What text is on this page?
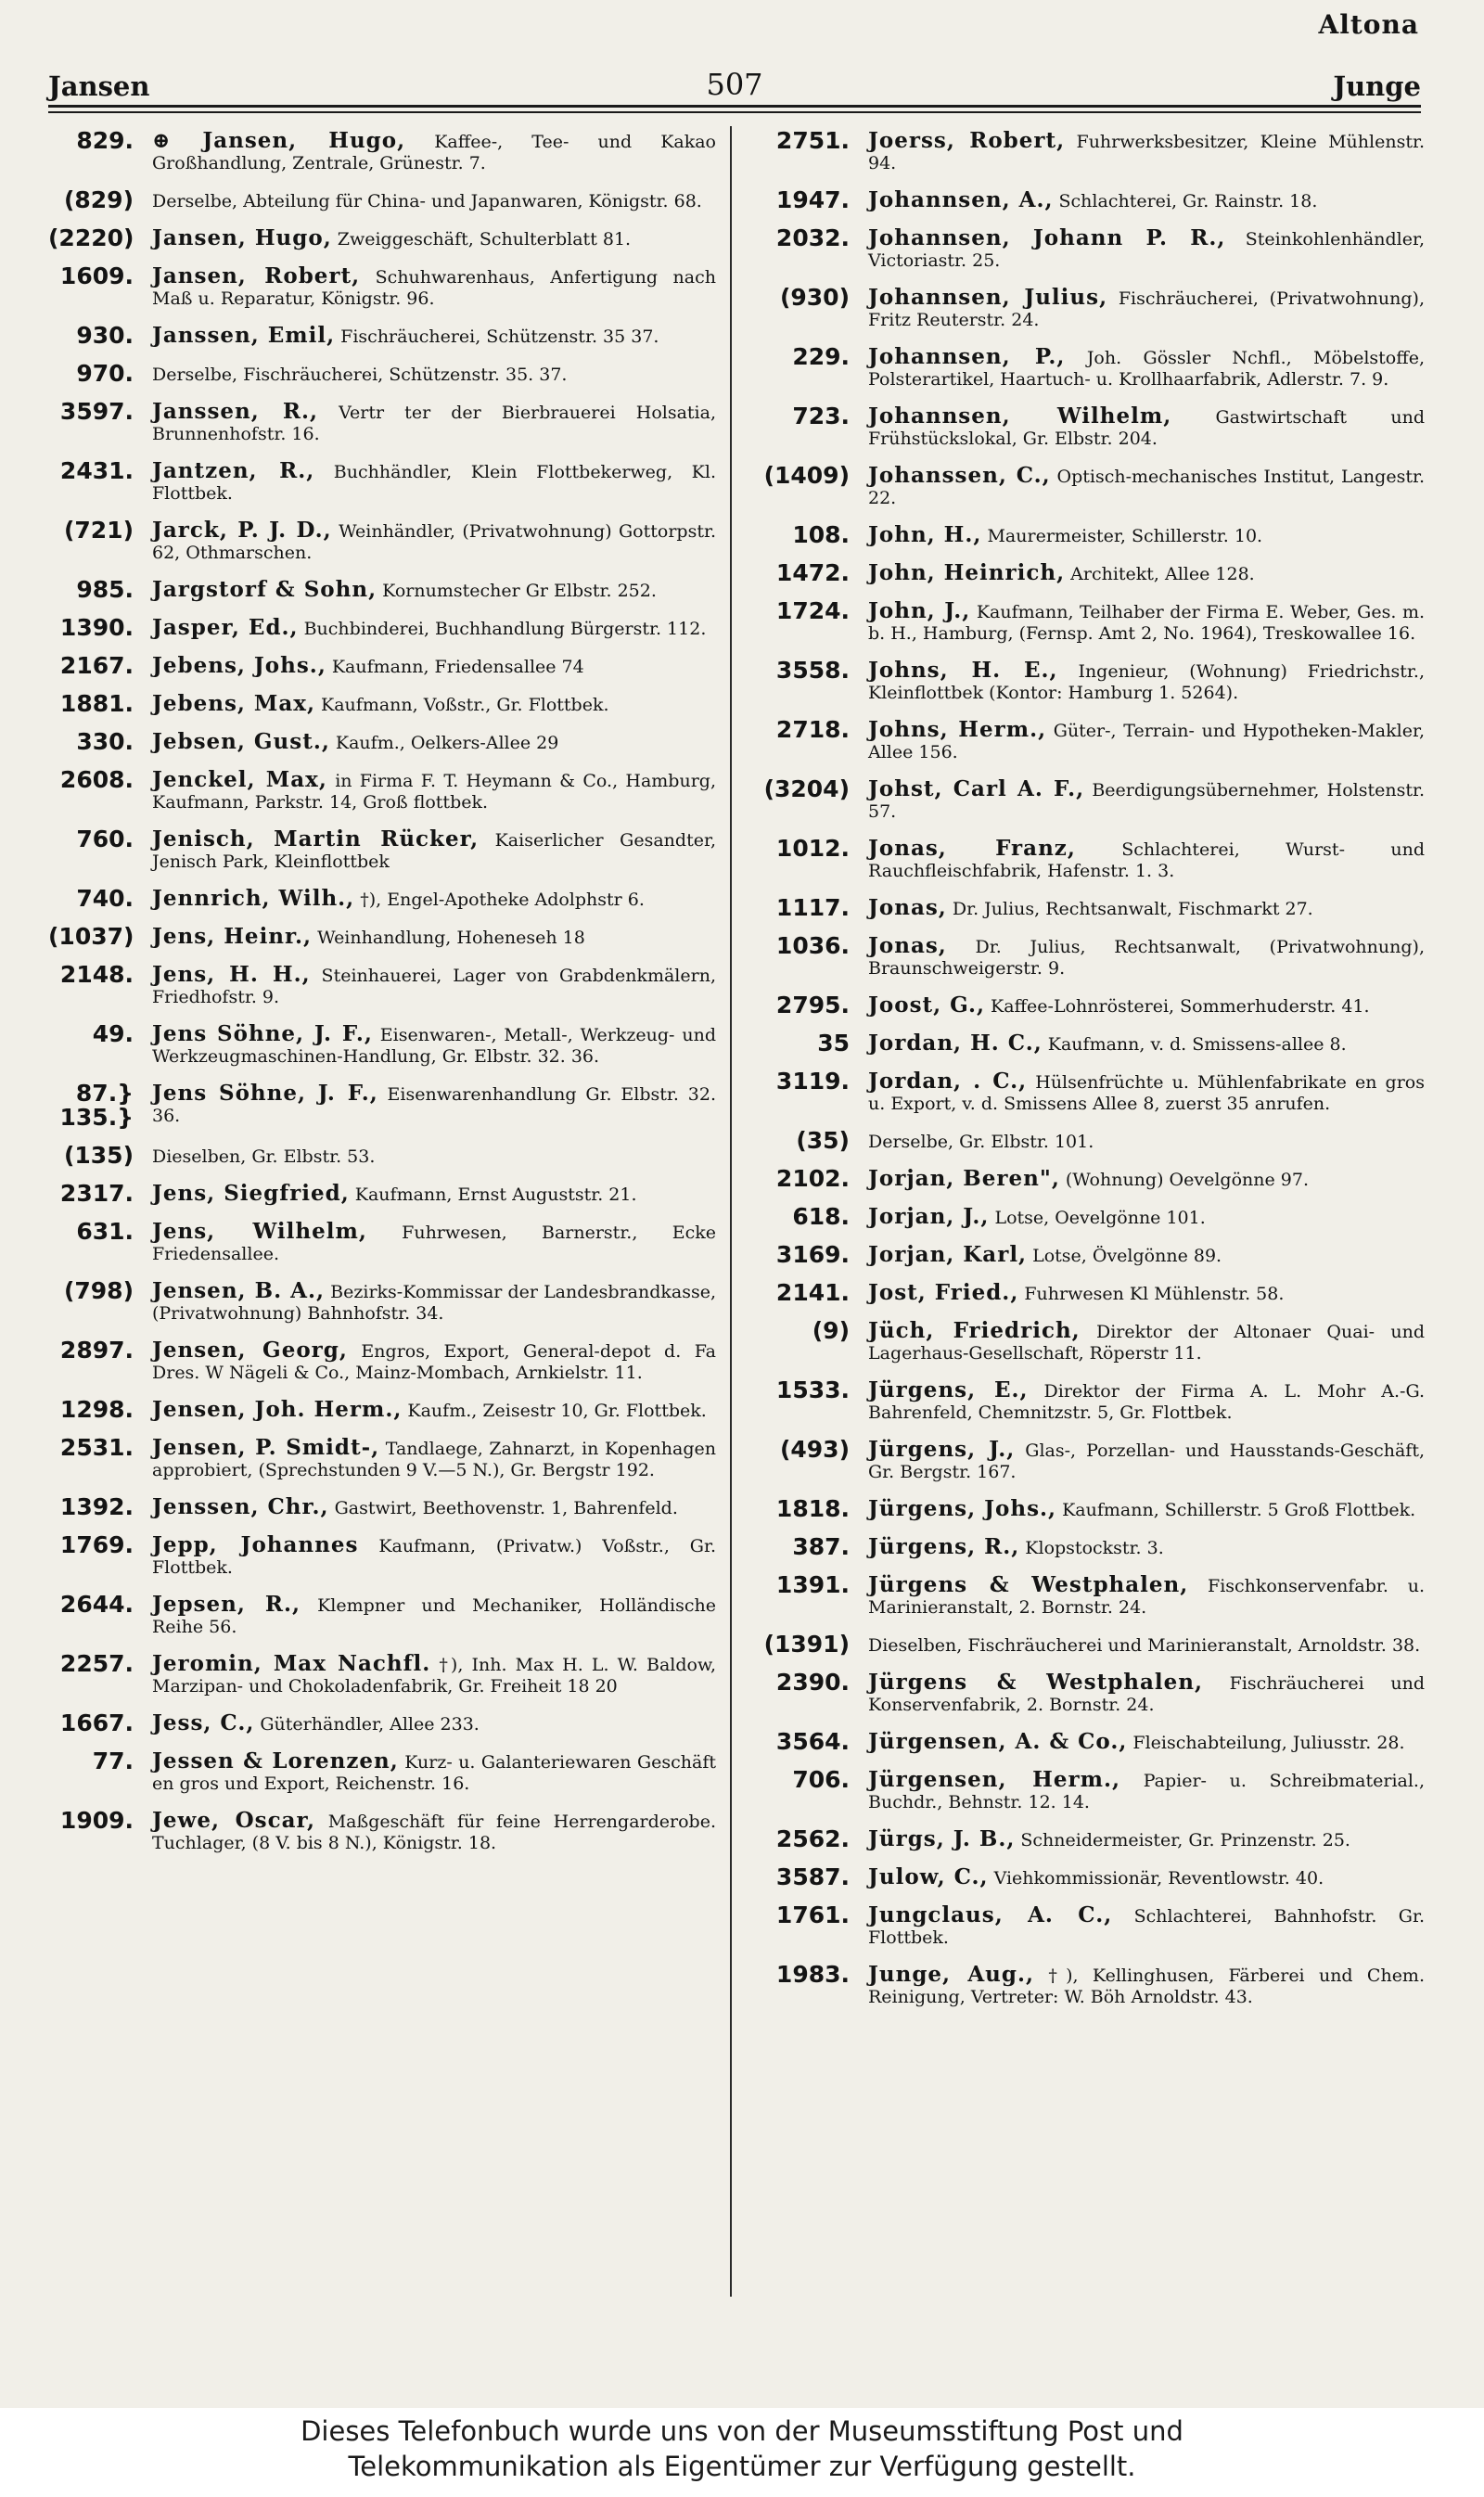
Altona
Jansen	507	Junge
829. ⊕ Jansen, Hugo, Kaffee-, Tee- und Kakao Großhandlung, Zentrale, Grünestr. 7.
(829) Derselbe, Abteilung für China- und Japanwaren, Königstr. 68.
(2220) Jansen, Hugo, Zweiggeschäft, Schulterblatt 81.
1609. Jansen, Robert, Schuhwarenhaus, Anfertigung nach Maß u. Reparatur, Königstr. 96.
930. Janssen, Emil, Fischräucherei, Schützenstr. 35 37.
970. Derselbe, Fischräucherei, Schützenstr. 35. 37.
3597. Janssen, R., Vertr ter der Bierbrauerei Holsatia, Brunnenhofstr. 16.
2431. Jantzen, R., Buchhändler, Klein Flottbekerweg, Kl. Flottbek.
(721) Jarck, P. J. D., Weinhändler, (Privatwohnung) Gottorpstr. 62, Othmarschen.
985. Jargstorf & Sohn, Kornumstecher Gr Elbstr. 252.
1390. Jasper, Ed., Buchbinderei, Buchhandlung Bürgerstr. 112.
2167. Jebens, Johs., Kaufmann, Friedensallee 74
1881. Jebens, Max, Kaufmann, Voßstr., Gr. Flottbek.
330. Jebsen, Gust., Kaufm., Oelkers-Allee 29
2608. Jenckel, Max, in Firma F. T. Heymann & Co., Hamburg, Kaufmann, Parkstr. 14, Groß flottbek.
760. Jenisch, Martin Rücker, Kaiserlicher Gesandter, Jenisch Park, Kleinflottbek
740. Jennrich, Wilh., †), Engel-Apotheke Adolphstr 6.
(1037) Jens, Heinr., Weinhandlung, Hoheneseh 18
2148. Jens, H. H., Steinhauerei, Lager von Grabdenkmälern, Friedhofstr. 9.
49. Jens Söhne, J. F., Eisenwaren-, Metall-, Werkzeug- und Werkzeugmaschinen-Handlung, Gr. Elbstr. 32. 36.
87.} 135.}
Jens Söhne, J. F., Eisenwarenhandlung Gr. Elbstr. 32. 36.
(135) Dieselben, Gr. Elbstr. 53.
2317. Jens, Siegfried, Kaufmann, Ernst Auguststr. 21.
631. Jens, Wilhelm, Fuhrwesen, Barnerstr., Ecke Friedensallee.
(798) Jensen, B. A., Bezirks-Kommissar der Landesbrandkasse, (Privatwohnung) Bahnhofstr. 34.
2897. Jensen, Georg, Engros, Export, General-depot d. Fa Dres. W Nägeli & Co., Mainz-Mombach, Arnkielstr. 11.
1298. Jensen, Joh. Herm., Kaufm., Zeisestr 10, Gr. Flottbek.
2531. Jensen, P. Smidt-, Tandlaege, Zahnarzt, in Kopenhagen approbiert, (Sprechstunden 9 V.—5 N.), Gr. Bergstr 192.
1392. Jenssen, Chr., Gastwirt, Beethovenstr. 1, Bahrenfeld.
1769. Jepp, Johannes Kaufmann, (Privatw.) Voßstr., Gr. Flottbek.
2644. Jepsen, R., Klempner und Mechaniker, Holländische Reihe 56.
2257. Jeromin, Max Nachfl. †), Inh. Max H. L. W. Baldow, Marzipan- und Chokoladenfabrik, Gr. Freiheit 18 20
1667. Jess, C., Güterhändler, Allee 233.
77. Jessen & Lorenzen, Kurz- u. Galanteriewaren Geschäft en gros und Export, Reichenstr. 16.
1909. Jewe, Oscar, Maßgeschäft für feine Herrengarderobe. Tuchlager, (8 V. bis 8 N.), Königstr. 18.
2751. Joerss, Robert, Fuhrwerksbesitzer, Kleine Mühlenstr. 94.
1947. Johannsen, A., Schlachterei, Gr. Rainstr. 18.
2032. Johannsen, Johann P. R., Steinkohlenhändler, Victoriastr. 25.
(930) Johannsen, Julius, Fischräucherei, (Privatwohnung), Fritz Reuterstr. 24.
229. Johannsen, P., Joh. Gössler Nchfl., Möbelstoffe, Polsterartikel, Haartuch- u. Krollhaarfabrik, Adlerstr. 7. 9.
723. Johannsen, Wilhelm, Gastwirtschaft und Frühstückslokal, Gr. Elbstr. 204.
(1409) Johanssen, C., Optisch-mechanisches Institut, Langestr. 22.
108. John, H., Maurermeister, Schillerstr. 10.
1472. John, Heinrich, Architekt, Allee 128.
1724. John, J., Kaufmann, Teilhaber der Firma E. Weber, Ges. m. b. H., Hamburg, (Fernsp. Amt 2, No. 1964), Treskowallee 16.
3558. Johns, H. E., Ingenieur, (Wohnung) Friedrichstr., Kleinflottbek (Kontor: Hamburg 1. 5264).
2718. Johns, Herm., Güter-, Terrain- und Hypotheken-Makler, Allee 156.
(3204) Johst, Carl A. F., Beerdigungsübernehmer, Holstenstr. 57.
1012. Jonas, Franz, Schlachterei, Wurst- und Rauchfleischfabrik, Hafenstr. 1. 3.
1117. Jonas, Dr. Julius, Rechtsanwalt, Fischmarkt 27.
1036. Jonas, Dr. Julius, Rechtsanwalt, (Privatwohnung), Braunschweigerstr. 9.
2795. Joost, G., Kaffee-Lohnrösterei, Sommerhuderstr. 41.
35 Jordan, H. C., Kaufmann, v. d. Smissens-allee 8.
3119. Jordan, . C., Hülsenfrüchte u. Mühlenfabrikate en gros u. Export, v. d. Smissens Allee 8, zuerst 35 anrufen.
(35) Derselbe, Gr. Elbstr. 101.
2102. Jorjan, Beren", (Wohnung) Oevelgönne 97.
618. Jorjan, J., Lotse, Oevelgönne 101.
3169. Jorjan, Karl, Lotse, Övelgönne 89.
2141. Jost, Fried., Fuhrwesen Kl Mühlenstr. 58.
(9) Jüch, Friedrich, Direktor der Altonaer Quai- und Lagerhaus-Gesellschaft, Röperstr 11.
1533. Jürgens, E., Direktor der Firma A. L. Mohr A.-G. Bahrenfeld, Chemnitzstr. 5, Gr. Flottbek.
(493) Jürgens, J., Glas-, Porzellan- und Hausstands-Geschäft, Gr. Bergstr. 167.
1818. Jürgens, Johs., Kaufmann, Schillerstr. 5 Groß Flottbek.
387. Jürgens, R., Klopstockstr. 3.
1391. Jürgens & Westphalen, Fischkonservenfabr. u. Marinieranstalt, 2. Bornstr. 24.
(1391) Dieselben, Fischräucherei und Marinieranstalt, Arnoldstr. 38.
2390. Jürgens & Westphalen, Fischräucherei und Konservenfabrik, 2. Bornstr. 24.
3564. Jürgensen, A. & Co., Fleischabteilung, Juliusstr. 28.
706. Jürgensen, Herm., Papier- u. Schreibmaterial., Buchdr., Behnstr. 12. 14.
2562. Jürgs, J. B., Schneidermeister, Gr. Prinzenstr. 25.
3587. Julow, C., Viehkommissionär, Reventlowstr. 40.
1761. Jungclaus, A. C., Schlachterei, Bahnhofstr. Gr. Flottbek.
1983. Junge, Aug., †), Kellinghusen, Färberei und Chem. Reinigung, Vertreter: W. Böh Arnoldstr. 43.
Dieses Telefonbuch wurde uns von der Museumsstiftung Post und
Telekommunikation als Eigentümer zur Verfügung gestellt.
